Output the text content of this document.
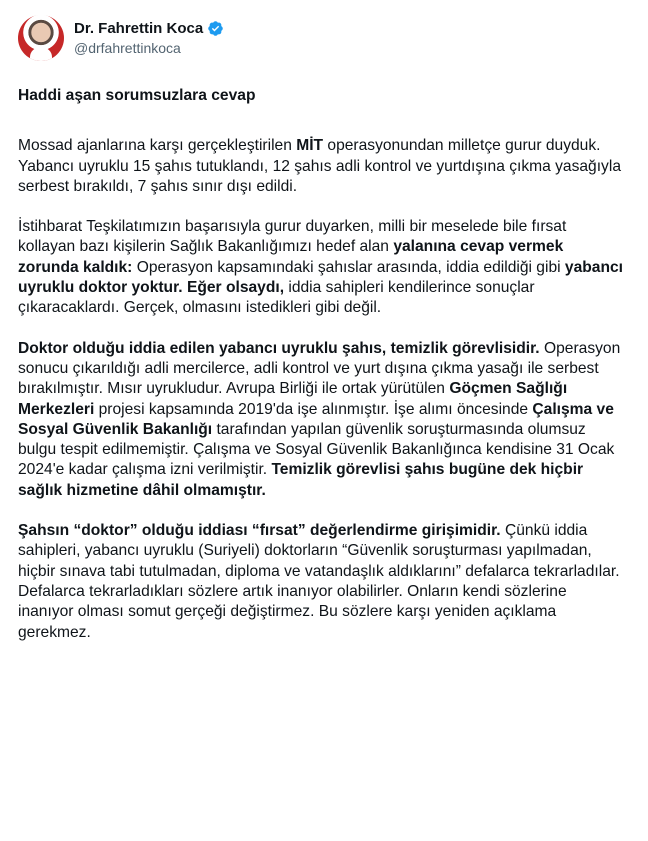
Dr. Fahrettin Koca
@drfahrettinkoca
Haddi aşan sorumsuzlara cevap
Mossad ajanlarına karşı gerçekleştirilen MİT operasyonundan milletçe gurur duyduk. Yabancı uyruklu 15 şahıs tutuklandı, 12 şahıs adli kontrol ve yurtdışına çıkma yasağıyla serbest bırakıldı, 7 şahıs sınır dışı edildi.
İstihbarat Teşkilatımızın başarısıyla gurur duyarken, milli bir meselede bile fırsat kollayan bazı kişilerin Sağlık Bakanlığımızı hedef alan yalanına cevap vermek zorunda kaldık: Operasyon kapsamındaki şahıslar arasında, iddia edildiği gibi yabancı uyruklu doktor yoktur. Eğer olsaydı, iddia sahipleri kendilerince sonuçlar çıkaracaklardı. Gerçek, olmasını istedikleri gibi değil.
Doktor olduğu iddia edilen yabancı uyruklu şahıs, temizlik görevlisidir. Operasyon sonucu çıkarıldığı adli mercilerce, adli kontrol ve yurt dışına çıkma yasağı ile serbest bırakılmıştır. Mısır uyrukludur. Avrupa Birliği ile ortak yürütülen Göçmen Sağlığı Merkezleri projesi kapsamında 2019'da işe alınmıştır. İşe alımı öncesinde Çalışma ve Sosyal Güvenlik Bakanlığı tarafından yapılan güvenlik soruşturmasında olumsuz bulgu tespit edilmemiştir. Çalışma ve Sosyal Güvenlik Bakanlığınca kendisine 31 Ocak 2024'e kadar çalışma izni verilmiştir. Temizlik görevlisi şahıs bugüne dek hiçbir sağlık hizmetine dâhil olmamıştır.
Şahsın “doktor” olduğu iddiası “fırsat” değerlendirme girişimidir. Çünkü iddia sahipleri, yabancı uyruklu (Suriyeli) doktorların “Güvenlik soruşturması yapılmadan, hiçbir sınava tabi tutulmadan, diploma ve vatandaşlık aldıklarını” defalarca tekrarladılar. Defalarca tekrarladıkları sözlere artık inanıyor olabilirler. Onların kendi sözlerine inanıyor olması somut gerçeği değiştirmez. Bu sözlere karşı yeniden açıklama gerekmez.
